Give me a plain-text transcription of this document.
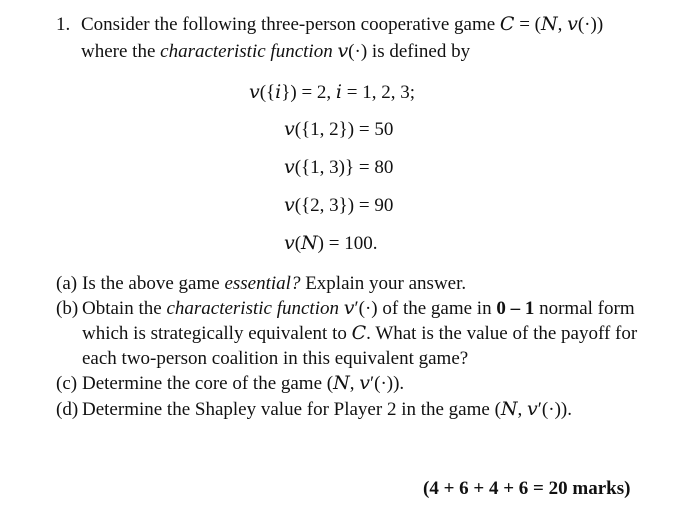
1. Consider the following three-person cooperative game 𝐶 = (𝑁, 𝑣(·))
where the characteristic function 𝑣(·) is defined by
𝑣({𝑖}) = 2, 𝑖 = 1, 2, 3;
𝑣({1, 2}) = 50
𝑣({1, 3)} = 80
𝑣({2, 3}) = 90
𝑣(𝑁) = 100.
(a) Is the above game essential? Explain your answer.
(b) Obtain the characteristic function 𝑣′(·) of the game in 0 – 1 normal form
which is strategically equivalent to 𝐶. What is the value of the payoff for
each two-person coalition in this equivalent game?
(c) Determine the core of the game (𝑁, 𝑣′(·)).
(d) Determine the Shapley value for Player 2 in the game (𝑁, 𝑣′(·)).
(4 + 6 + 4 + 6 = 20 marks)
